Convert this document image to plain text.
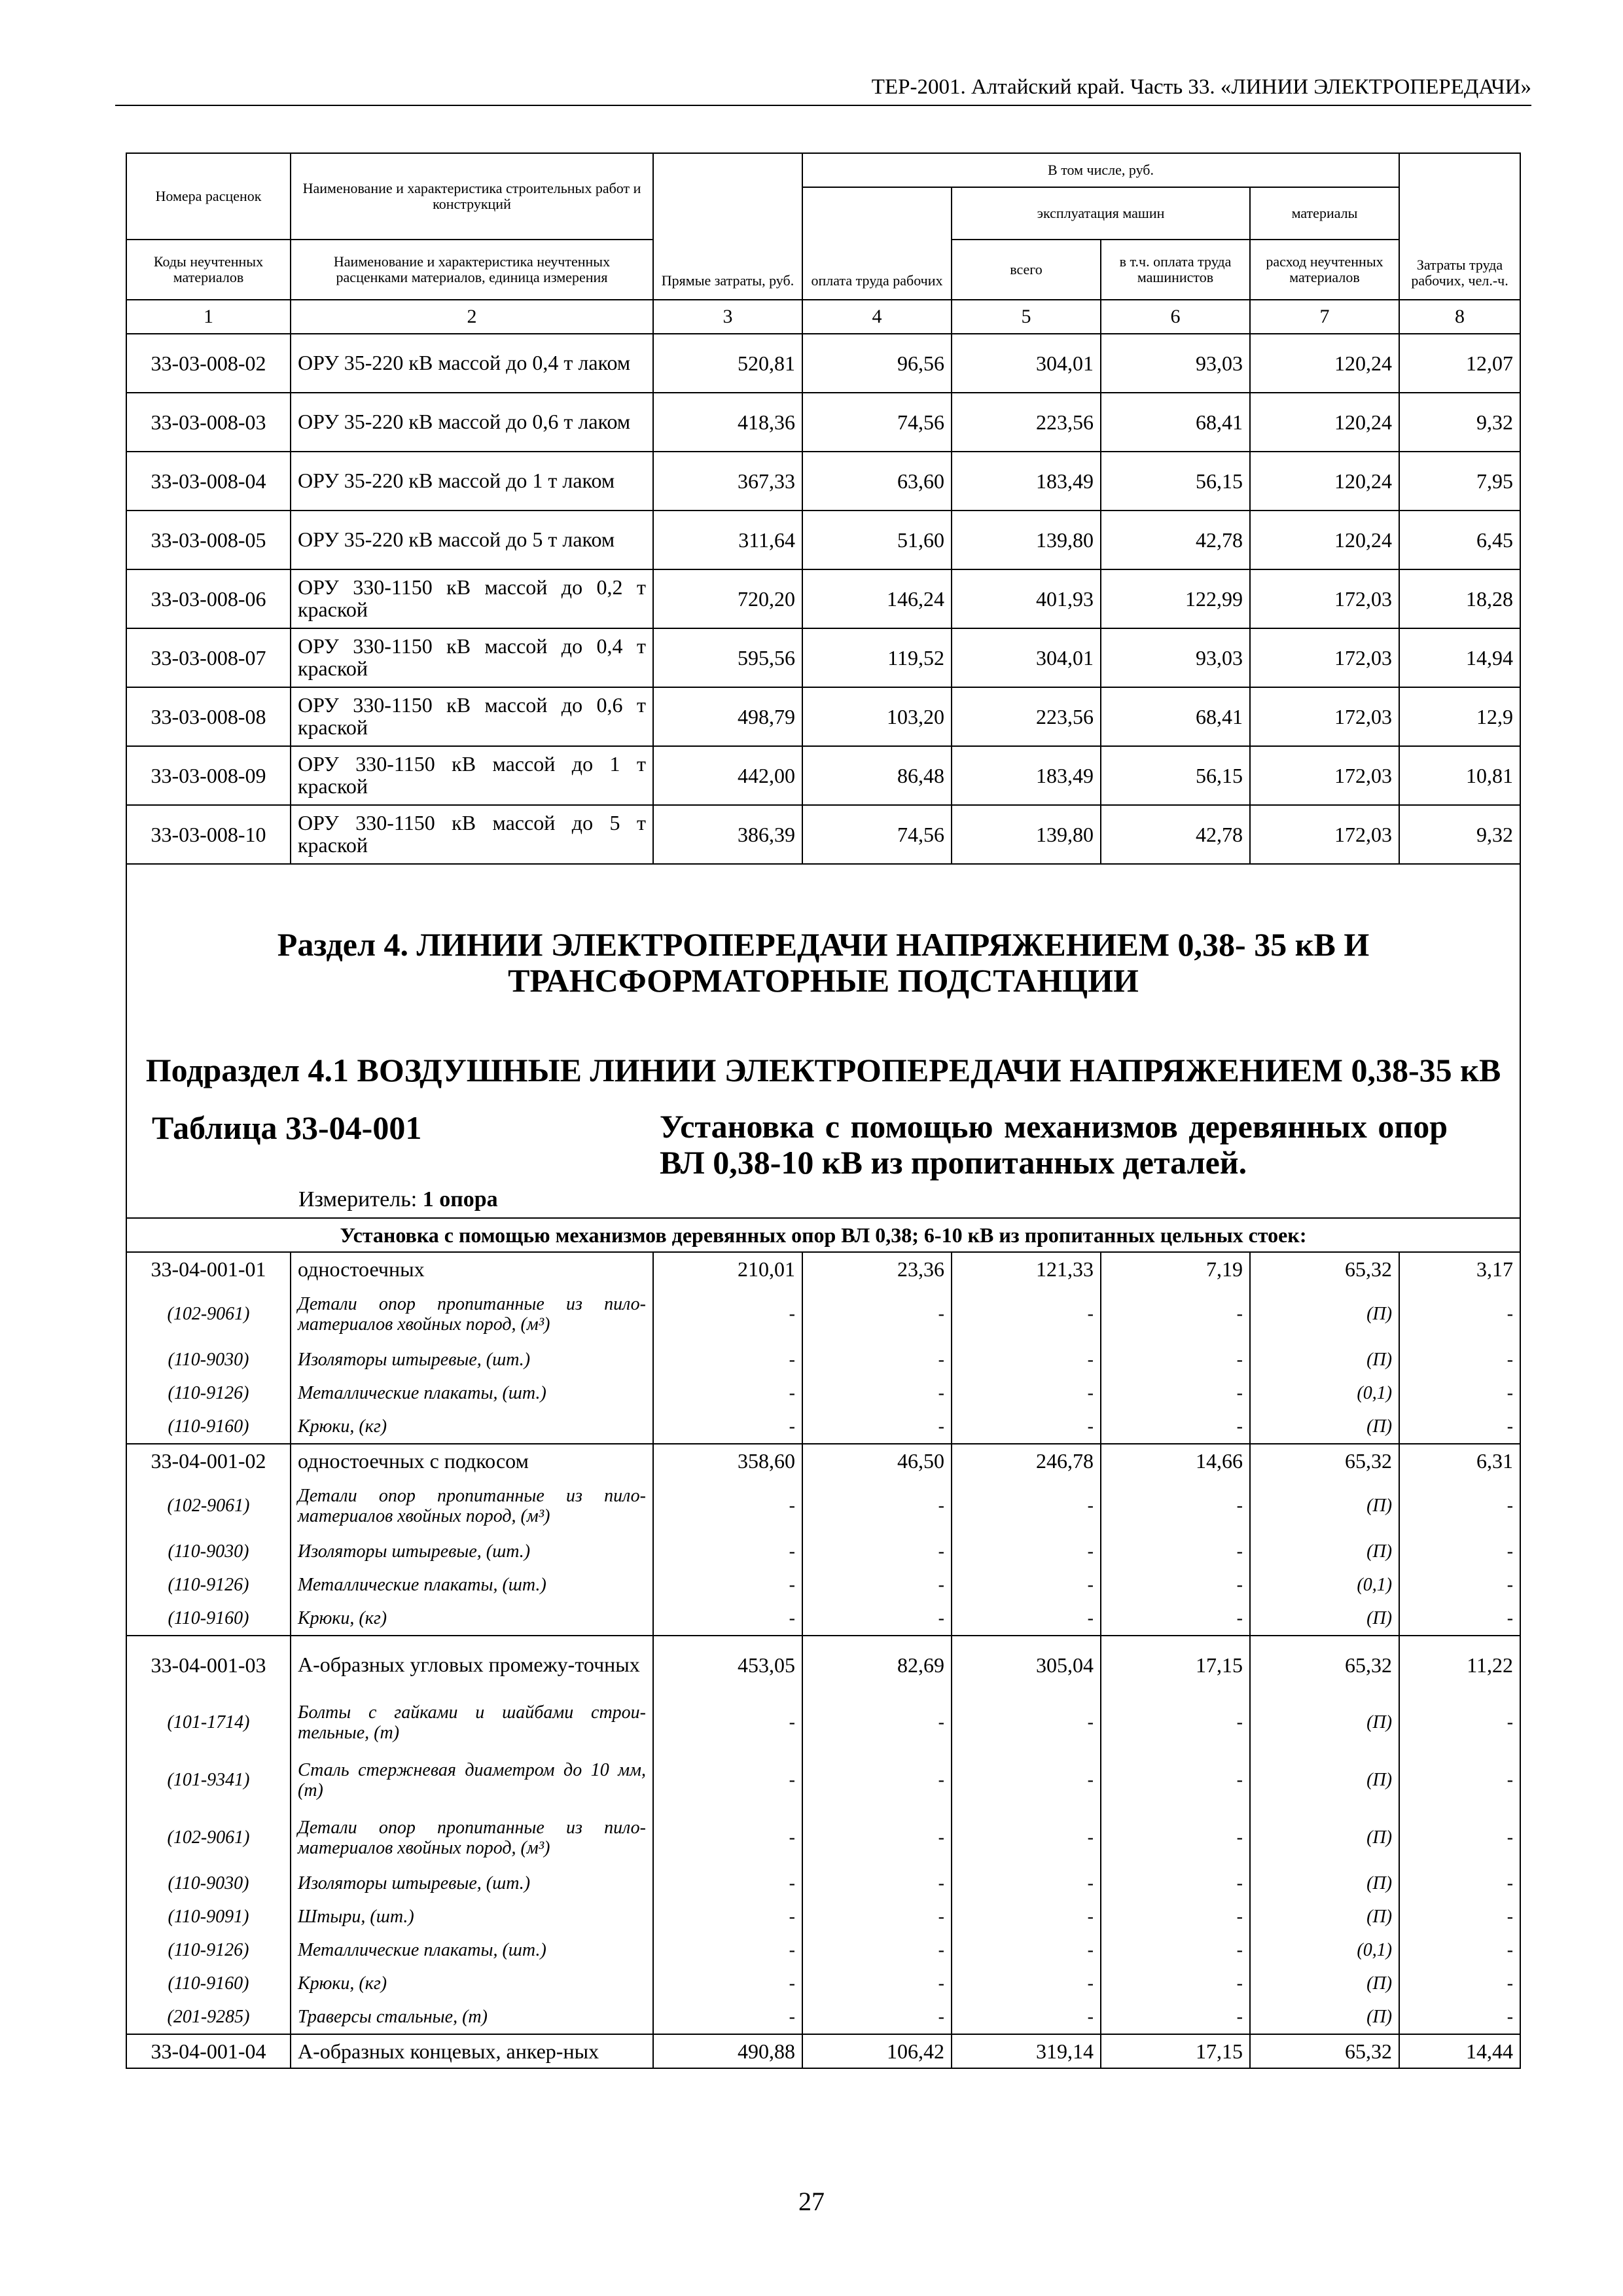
ТЕР-2001. Алтайский край. Часть 33. «ЛИНИИ ЭЛЕКТРОПЕРЕДАЧИ»
Номера расценок	Наименование и характеристика строительных работ и конструкций	Прямые затраты, руб.	В том числе, руб.				Затраты труда рабочих, чел.-ч.
			оплата труда рабочих	эксплуатация машин		материалы	
Коды неучтенных материалов	Наименование и характеристика неучтенных расценками материалов, единица измерения			всего	в т.ч. оплата труда машинистов	расход неучтенных материалов	

1	2	3	4	5	6	7	8
33-03-008-02	ОРУ 35-220 кВ массой до 0,4 т лаком	520,81	96,56	304,01	93,03	120,24	12,07
33-03-008-03	ОРУ 35-220 кВ массой до 0,6 т лаком	418,36	74,56	223,56	68,41	120,24	9,32
33-03-008-04	ОРУ 35-220 кВ массой до 1 т лаком	367,33	63,60	183,49	56,15	120,24	7,95
33-03-008-05	ОРУ 35-220 кВ массой до 5 т лаком	311,64	51,60	139,80	42,78	120,24	6,45
33-03-008-06	ОРУ 330-1150 кВ массой до 0,2 т краской	720,20	146,24	401,93	122,99	172,03	18,28
33-03-008-07	ОРУ 330-1150 кВ массой до 0,4 т краской	595,56	119,52	304,01	93,03	172,03	14,94
33-03-008-08	ОРУ 330-1150 кВ массой до 0,6 т краской	498,79	103,20	223,56	68,41	172,03	12,9
33-03-008-09	ОРУ 330-1150 кВ массой до 1 т краской	442,00	86,48	183,49	56,15	172,03	10,81
33-03-008-10	ОРУ 330-1150 кВ массой до 5 т краской	386,39	74,56	139,80	42,78	172,03	9,32

Раздел 4. ЛИНИИ ЭЛЕКТРОПЕРЕДАЧИ НАПРЯЖЕНИЕМ 0,38- 35 кВ И ТРАНСФОРМАТОРНЫЕ ПОДСТАНЦИИ
Подраздел 4.1 ВОЗДУШНЫЕ ЛИНИИ ЭЛЕКТРОПЕРЕДАЧИ НАПРЯЖЕНИЕМ 0,38-35 кВ
Таблица 33-04-001 Установка с помощью механизмов деревянных опор ВЛ 0,38-10 кВ из пропитанных деталей.
Измеритель: 1 опора							

Установка с помощью механизмов деревянных опор ВЛ 0,38; 6-10 кВ из пропитанных цельных стоек:							
33-04-001-01	одностоечных	210,01	23,36	121,33	7,19	65,32	3,17
(102-9061)	Детали опор пропитанные из пило-материалов хвойных пород, (м³)	-	-	-	-	(П)	-
(110-9030)	Изоляторы штыревые, (шт.)	-	-	-	-	(П)	-
(110-9126)	Металлические плакаты, (шт.)	-	-	-	-	(0,1)	-
(110-9160)	Крюки, (кг)	-	-	-	-	(П)	-
33-04-001-02	одностоечных с подкосом	358,60	46,50	246,78	14,66	65,32	6,31
(102-9061)	Детали опор пропитанные из пило-материалов хвойных пород, (м³)	-	-	-	-	(П)	-
(110-9030)	Изоляторы штыревые, (шт.)	-	-	-	-	(П)	-
(110-9126)	Металлические плакаты, (шт.)	-	-	-	-	(0,1)	-
(110-9160)	Крюки, (кг)	-	-	-	-	(П)	-
33-04-001-03	А-образных угловых промежу-точных	453,05	82,69	305,04	17,15	65,32	11,22
(101-1714)	Болты с гайками и шайбами строи-тельные, (т)	-	-	-	-	(П)	-
(101-9341)	Сталь стержневая диаметром до 10 мм, (т)	-	-	-	-	(П)	-
(102-9061)	Детали опор пропитанные из пило-материалов хвойных пород, (м³)	-	-	-	-	(П)	-
(110-9030)	Изоляторы штыревые, (шт.)	-	-	-	-	(П)	-
(110-9091)	Штыри, (шт.)	-	-	-	-	(П)	-
(110-9126)	Металлические плакаты, (шт.)	-	-	-	-	(0,1)	-
(110-9160)	Крюки, (кг)	-	-	-	-	(П)	-
(201-9285)	Траверсы стальные, (т)	-	-	-	-	(П)	-
33-04-001-04	А-образных концевых, анкер-ных	490,88	106,42	319,14	17,15	65,32	14,44
27
